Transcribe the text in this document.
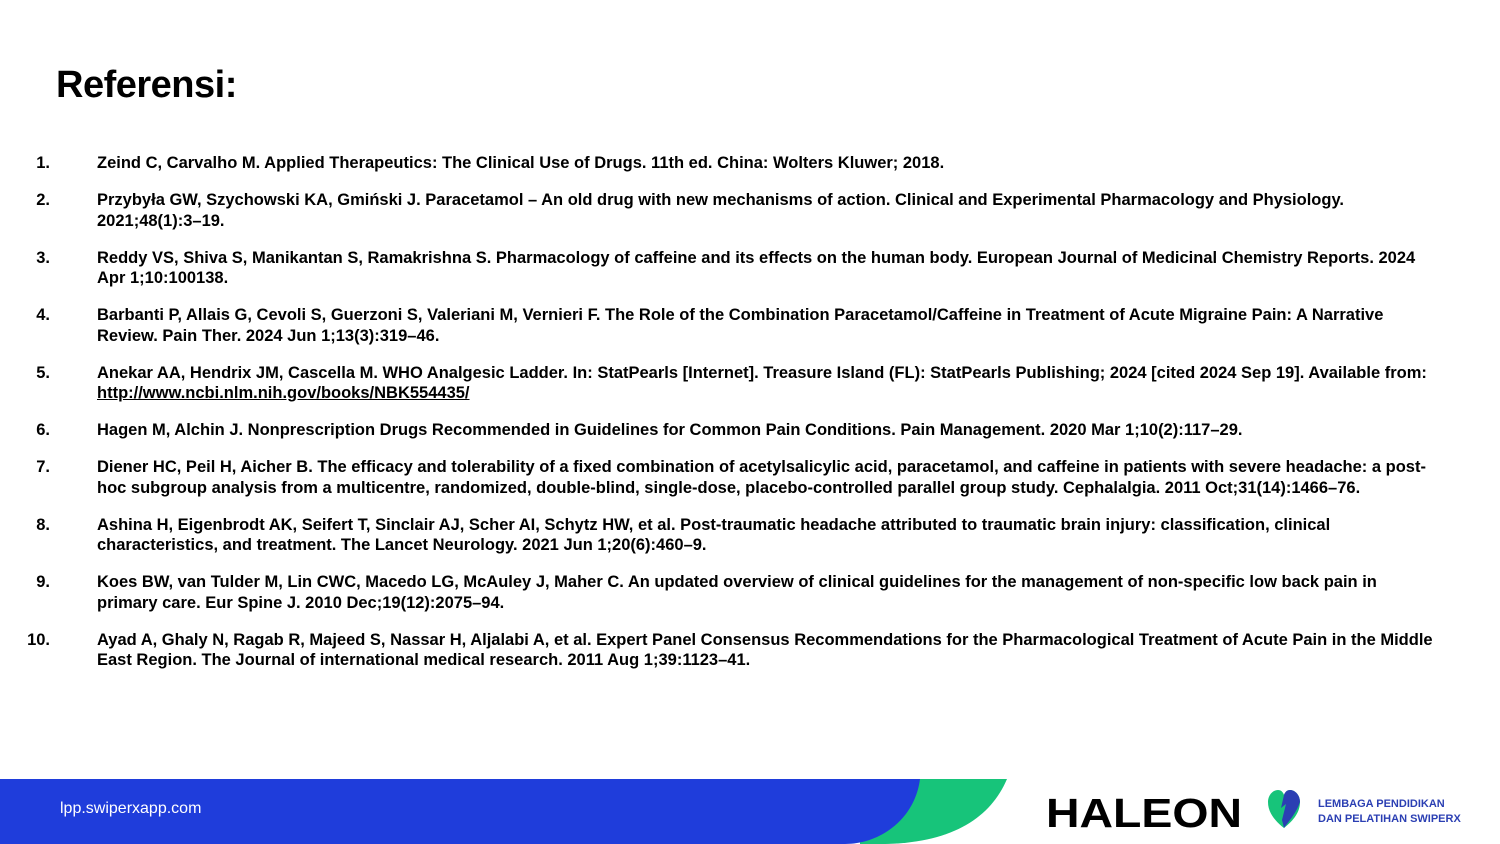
Referensi:
1.	Zeind C, Carvalho M. Applied Therapeutics: The Clinical Use of Drugs. 11th ed. China: Wolters Kluwer; 2018.
2.	Przybyła GW, Szychowski KA, Gmiński J. Paracetamol – An old drug with new mechanisms of action. Clinical and Experimental Pharmacology and Physiology. 2021;48(1):3–19.
3.	Reddy VS, Shiva S, Manikantan S, Ramakrishna S. Pharmacology of caffeine and its effects on the human body. European Journal of Medicinal Chemistry Reports. 2024 Apr 1;10:100138.
4.	Barbanti P, Allais G, Cevoli S, Guerzoni S, Valeriani M, Vernieri F. The Role of the Combination Paracetamol/Caffeine in Treatment of Acute Migraine Pain: A Narrative Review. Pain Ther. 2024 Jun 1;13(3):319–46.
5.	Anekar AA, Hendrix JM, Cascella M. WHO Analgesic Ladder. In: StatPearls [Internet]. Treasure Island (FL): StatPearls Publishing; 2024 [cited 2024 Sep 19]. Available from: http://www.ncbi.nlm.nih.gov/books/NBK554435/
6.	Hagen M, Alchin J. Nonprescription Drugs Recommended in Guidelines for Common Pain Conditions. Pain Management. 2020 Mar 1;10(2):117–29.
7.	Diener HC, Peil H, Aicher B. The efficacy and tolerability of a fixed combination of acetylsalicylic acid, paracetamol, and caffeine in patients with severe headache: a post-hoc subgroup analysis from a multicentre, randomized, double-blind, single-dose, placebo-controlled parallel group study. Cephalalgia. 2011 Oct;31(14):1466–76.
8.	Ashina H, Eigenbrodt AK, Seifert T, Sinclair AJ, Scher AI, Schytz HW, et al. Post-traumatic headache attributed to traumatic brain injury: classification, clinical characteristics, and treatment. The Lancet Neurology. 2021 Jun 1;20(6):460–9.
9.	Koes BW, van Tulder M, Lin CWC, Macedo LG, McAuley J, Maher C. An updated overview of clinical guidelines for the management of non-specific low back pain in primary care. Eur Spine J. 2010 Dec;19(12):2075–94.
10.	Ayad A, Ghaly N, Ragab R, Majeed S, Nassar H, Aljalabi A, et al. Expert Panel Consensus Recommendations for the Pharmacological Treatment of Acute Pain in the Middle East Region. The Journal of international medical research. 2011 Aug 1;39:1123–41.
lpp.swiperxapp.com	HALEON	LEMBAGA PENDIDIKAN
DAN PELATIHAN SWIPERX
